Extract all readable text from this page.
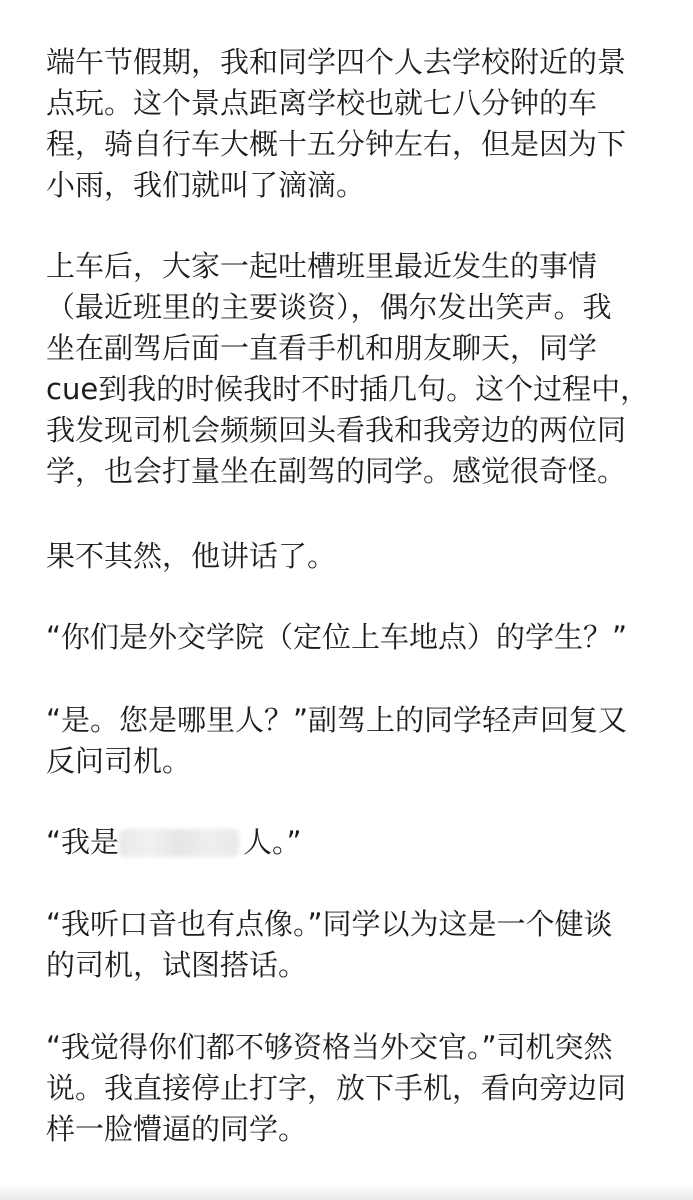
端午节假期，我和同学四个人去学校附近的景
点玩。这个景点距离学校也就七八分钟的车
程，骑自行车大概十五分钟左右，但是因为下
小雨，我们就叫了滴滴。
上车后，大家一起吐槽班里最近发生的事情
（最近班里的主要谈资），偶尔发出笑声。我
坐在副驾后面一直看手机和朋友聊天，同学
cue到我的时候我时不时插几句。这个过程中，
我发现司机会频频回头看我和我旁边的两位同
学，也会打量坐在副驾的同学。感觉很奇怪。
果不其然，他讲话了。
“你们是外交学院（定位上车地点）的学生？”
“是。您是哪里人？”副驾上的同学轻声回复又
反问司机。
“我是	人。”
“我听口音也有点像。”同学以为这是一个健谈
的司机，试图搭话。
“我觉得你们都不够资格当外交官。”司机突然
说。我直接停止打字，放下手机，看向旁边同
样一脸懵逼的同学。
